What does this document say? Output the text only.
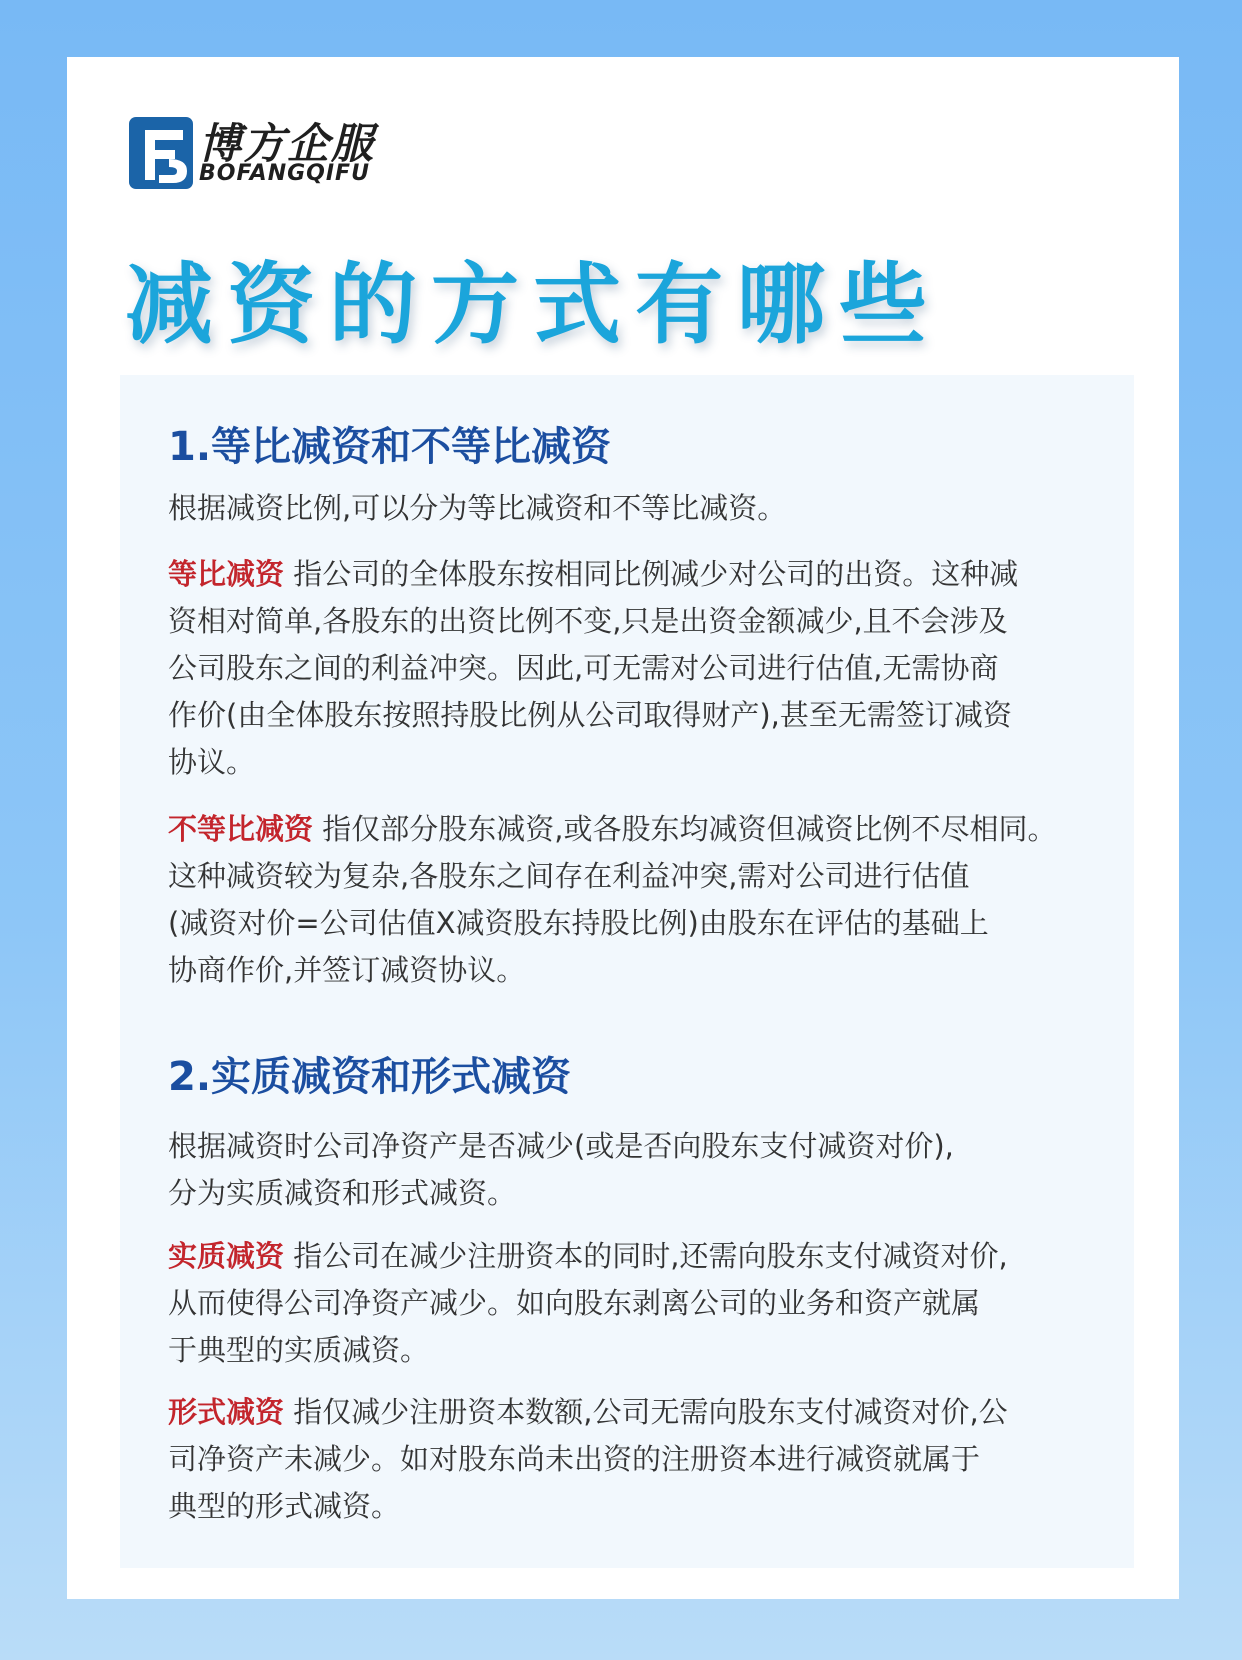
博方企服
BOFANGQIFU
减资的方式有哪些
1.等比减资和不等比减资

根据减资比例,可以分为等比减资和不等比减资。

等比减资 指公司的全体股东按相同比例减少对公司的出资。这种减
资相对简单,各股东的出资比例不变,只是出资金额减少,且不会涉及
公司股东之间的利益冲突。因此,可无需对公司进行估值,无需协商
作价(由全体股东按照持股比例从公司取得财产),甚至无需签订减资
协议。

不等比减资 指仅部分股东减资,或各股东均减资但减资比例不尽相同。
这种减资较为复杂,各股东之间存在利益冲突,需对公司进行估值
(减资对价=公司估值X减资股东持股比例)由股东在评估的基础上
协商作价,并签订减资协议。

2.实质减资和形式减资

根据减资时公司净资产是否减少(或是否向股东支付减资对价),
分为实质减资和形式减资。

实质减资 指公司在减少注册资本的同时,还需向股东支付减资对价,
从而使得公司净资产减少。如向股东剥离公司的业务和资产就属
于典型的实质减资。

形式减资 指仅减少注册资本数额,公司无需向股东支付减资对价,公
司净资产未减少。如对股东尚未出资的注册资本进行减资就属于
典型的形式减资。
